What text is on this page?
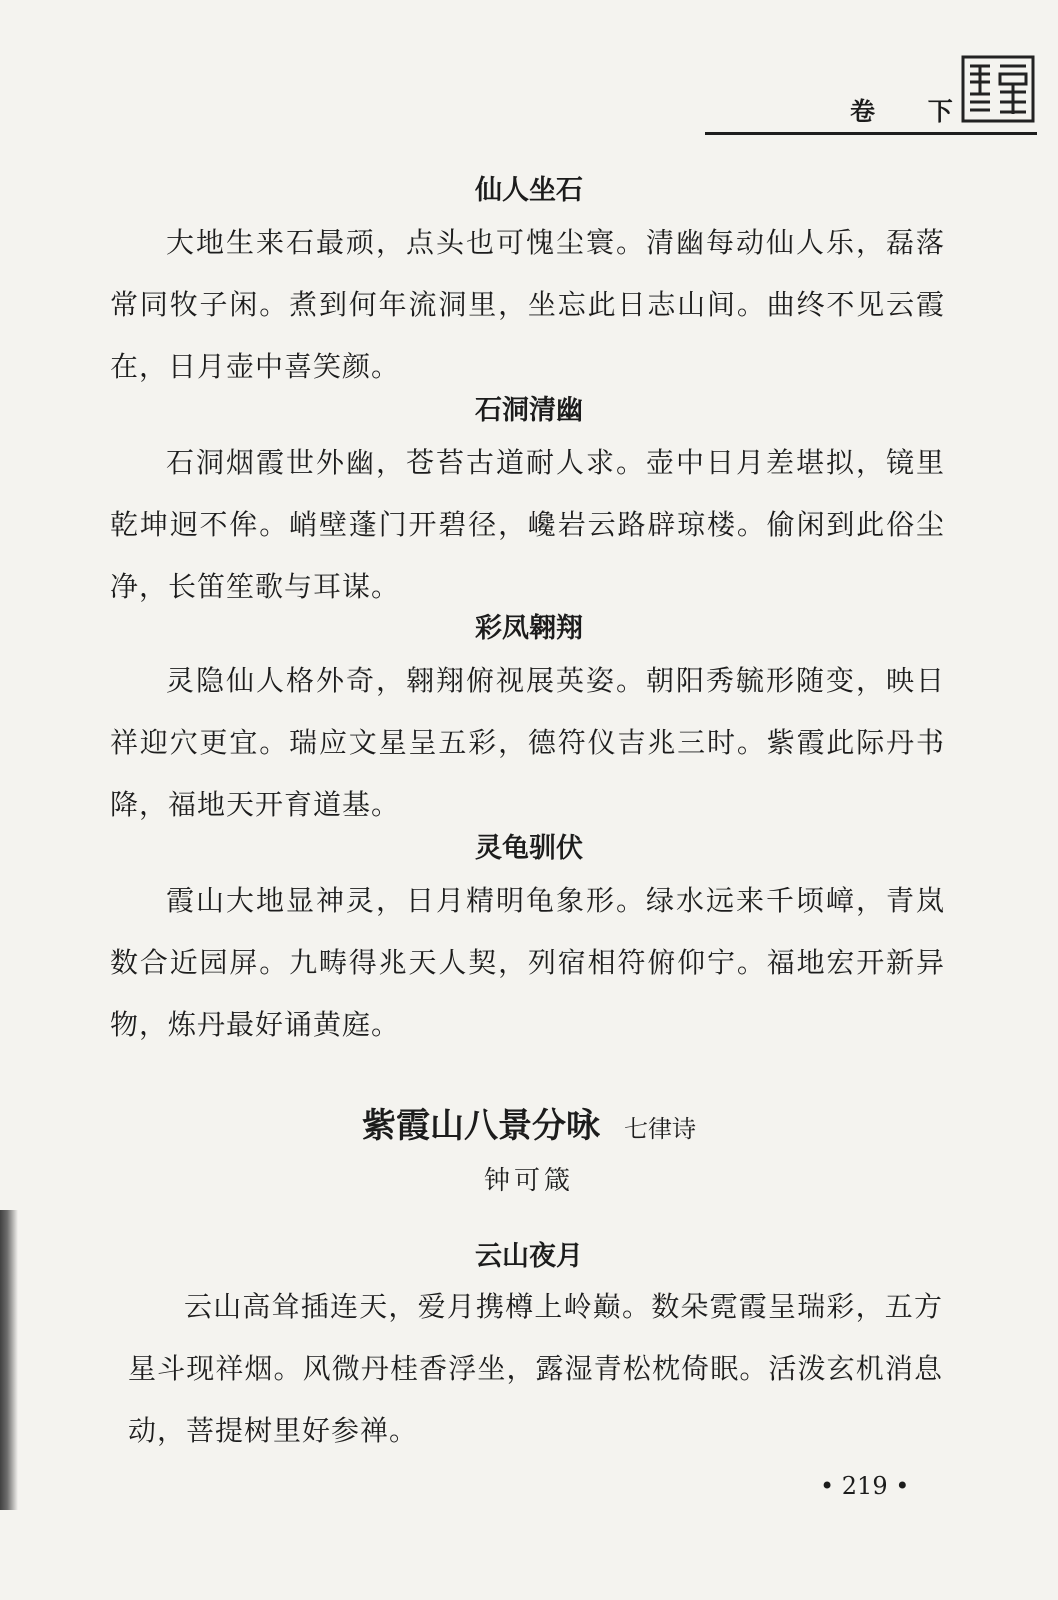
卷 下
仙人坐石
大地生来石最顽，点头也可愧尘寰。清幽每动仙人乐，磊落常同牧子闲。煮到何年流洞里，坐忘此日志山间。曲终不见云霞在，日月壶中喜笑颜。
石洞清幽
石洞烟霞世外幽，苍苔古道耐人求。壶中日月差堪拟，镜里乾坤迥不侔。峭壁蓬门开碧径，巉岩云路辟琼楼。偷闲到此俗尘净，长笛笙歌与耳谋。
彩凤翱翔
灵隐仙人格外奇，翱翔俯视展英姿。朝阳秀毓形随变，映日祥迎穴更宜。瑞应文星呈五彩，德符仪吉兆三时。紫霞此际丹书降，福地天开育道基。
灵龟驯伏
霞山大地显神灵，日月精明龟象形。绿水远来千顷嶂，青岚数合近园屏。九畴得兆天人契，列宿相符俯仰宁。福地宏开新异物，炼丹最好诵黄庭。
紫霞山八景分咏 七律诗
钟可箴
云山夜月
云山高耸插连天，爱月携樽上岭巅。数朵霓霞呈瑞彩，五方星斗现祥烟。风微丹桂香浮坐，露湿青松枕倚眠。活泼玄机消息动，菩提树里好参禅。
• 219 •
